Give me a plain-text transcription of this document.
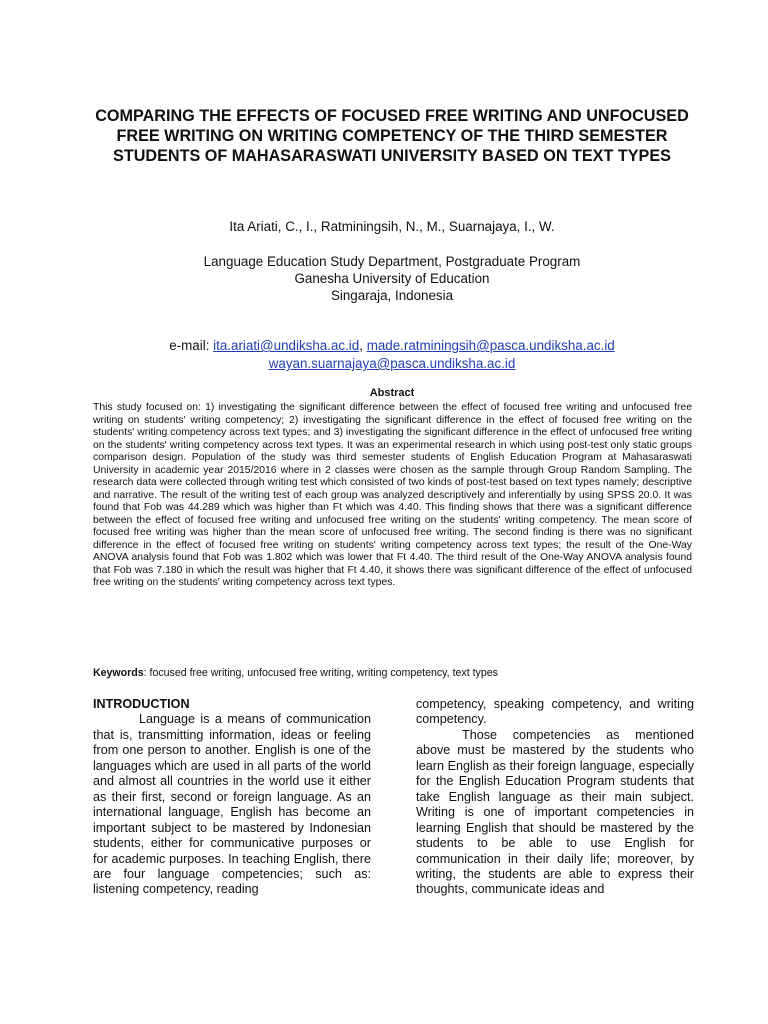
COMPARING THE EFFECTS OF FOCUSED FREE WRITING AND UNFOCUSED FREE WRITING ON WRITING COMPETENCY OF THE THIRD SEMESTER STUDENTS OF MAHASARASWATI UNIVERSITY BASED ON TEXT TYPES

Ita Ariati, C., I., Ratminingsih, N., M., Suarnajaya, I., W.

Language Education Study Department, Postgraduate Program
Ganesha University of Education
Singaraja, Indonesia
e-mail: ita.ariati@undiksha.ac.id, made.ratminingsih@pasca.undiksha.ac.id
wayan.suarnajaya@pasca.undiksha.ac.id
Abstract

This study focused on: 1) investigating the significant difference between the effect of focused free writing and unfocused free writing on students' writing competency; 2) investigating the significant difference in the effect of focused free writing on the students' writing competency across text types; and 3) investigating the significant difference in the effect of unfocused free writing on the students' writing competency across text types. It was an experimental research in which using post-test only static groups comparison design. Population of the study was third semester students of English Education Program at Mahasaraswati University in academic year 2015/2016 where in 2 classes were chosen as the sample through Group Random Sampling. The research data were collected through writing test which consisted of two kinds of post-test based on text types namely; descriptive and narrative. The result of the writing test of each group was analyzed descriptively and inferentially by using SPSS 20.0. It was found that Fob was 44.289 which was higher than Ft which was 4.40. This finding shows that there was a significant difference between the effect of focused free writing and unfocused free writing on the students' writing competency. The mean score of focused free writing was higher than the mean score of unfocused free writing. The second finding is there was no significant difference in the effect of focused free writing on students' writing competency across text types; the result of the One-Way ANOVA analysis found that Fob was 1.802 which was lower that Ft 4.40. The third result of the One-Way ANOVA analysis found that Fob was 7.180 in which the result was higher that Ft 4.40, it shows there was significant difference of the effect of unfocused free writing on the students' writing competency across text types.

Keywords: focused free writing, unfocused free writing, writing competency, text types

INTRODUCTION

Language is a means of communication that is, transmitting information, ideas or feeling from one person to another. English is one of the languages which are used in all parts of the world and almost all countries in the world use it either as their first, second or foreign language. As an international language, English has become an important subject to be mastered by Indonesian students, either for communicative purposes or for academic purposes. In teaching English, there are four language competencies; such as: listening competency, reading

competency, speaking competency, and writing competency.

Those competencies as mentioned above must be mastered by the students who learn English as their foreign language, especially for the English Education Program students that take English language as their main subject. Writing is one of important competencies in learning English that should be mastered by the students to be able to use English for communication in their daily life; moreover, by writing, the students are able to express their thoughts, communicate ideas and
